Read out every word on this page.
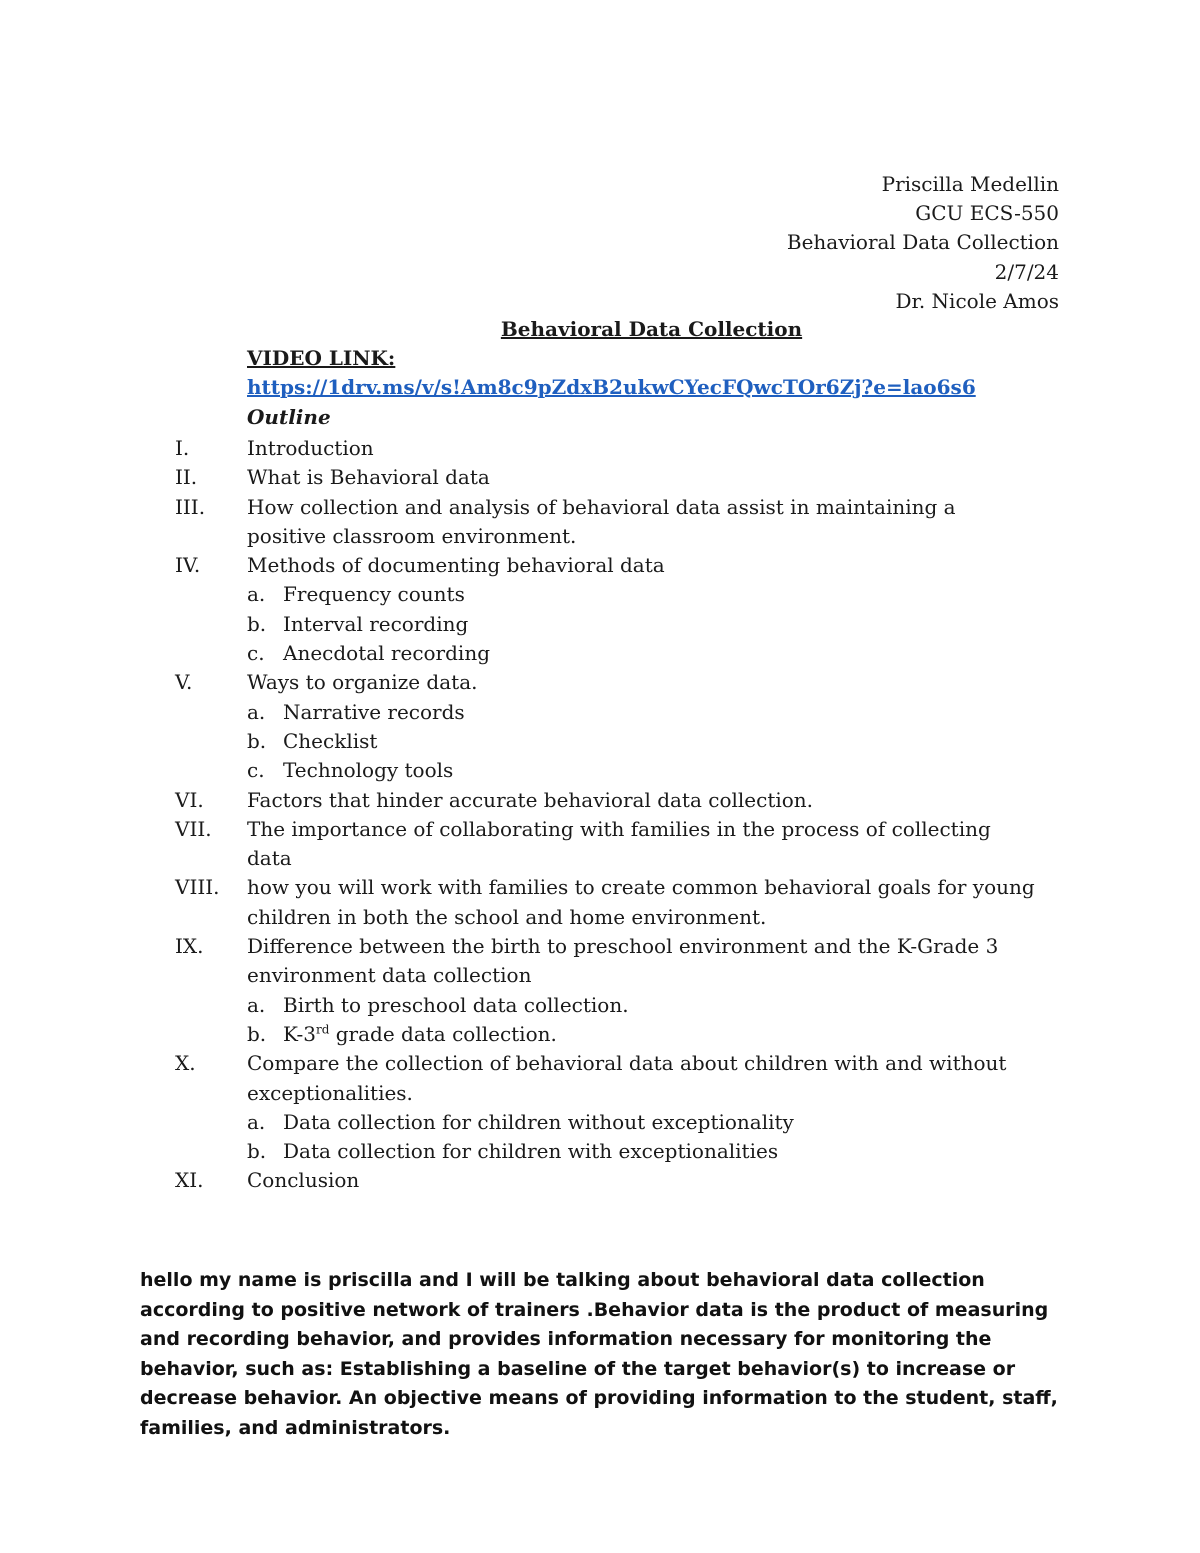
Priscilla Medellin
GCU ECS-550
Behavioral Data Collection
2/7/24
Dr. Nicole Amos
Behavioral Data Collection
VIDEO LINK:
https://1drv.ms/v/s!Am8c9pZdxB2ukwCYecFQwcTOr6Zj?e=lao6s6
Outline
I.	Introduction
II.	What is Behavioral data
III.	How collection and analysis of behavioral data assist in maintaining a positive classroom environment.
IV.	Methods of documenting behavioral data
a. Frequency counts
b. Interval recording
c. Anecdotal recording
V.	Ways to organize data.
a. Narrative records
b. Checklist
c. Technology tools
VI.	Factors that hinder accurate behavioral data collection.
VII.	The importance of collaborating with families in the process of collecting data
VIII.	how you will work with families to create common behavioral goals for young children in both the school and home environment.
IX.	Difference between the birth to preschool environment and the K-Grade 3 environment data collection
a. Birth to preschool data collection.
b. K-3rd grade data collection.
X.	Compare the collection of behavioral data about children with and without exceptionalities.
a. Data collection for children without exceptionality
b. Data collection for children with exceptionalities
XI.	Conclusion
hello my name is priscilla and I will be talking about behavioral data collection according to positive network of trainers .Behavior data is the product of measuring and recording behavior, and provides information necessary for monitoring the behavior, such as: Establishing a baseline of the target behavior(s) to increase or decrease behavior. An objective means of providing information to the student, staff, families, and administrators.
